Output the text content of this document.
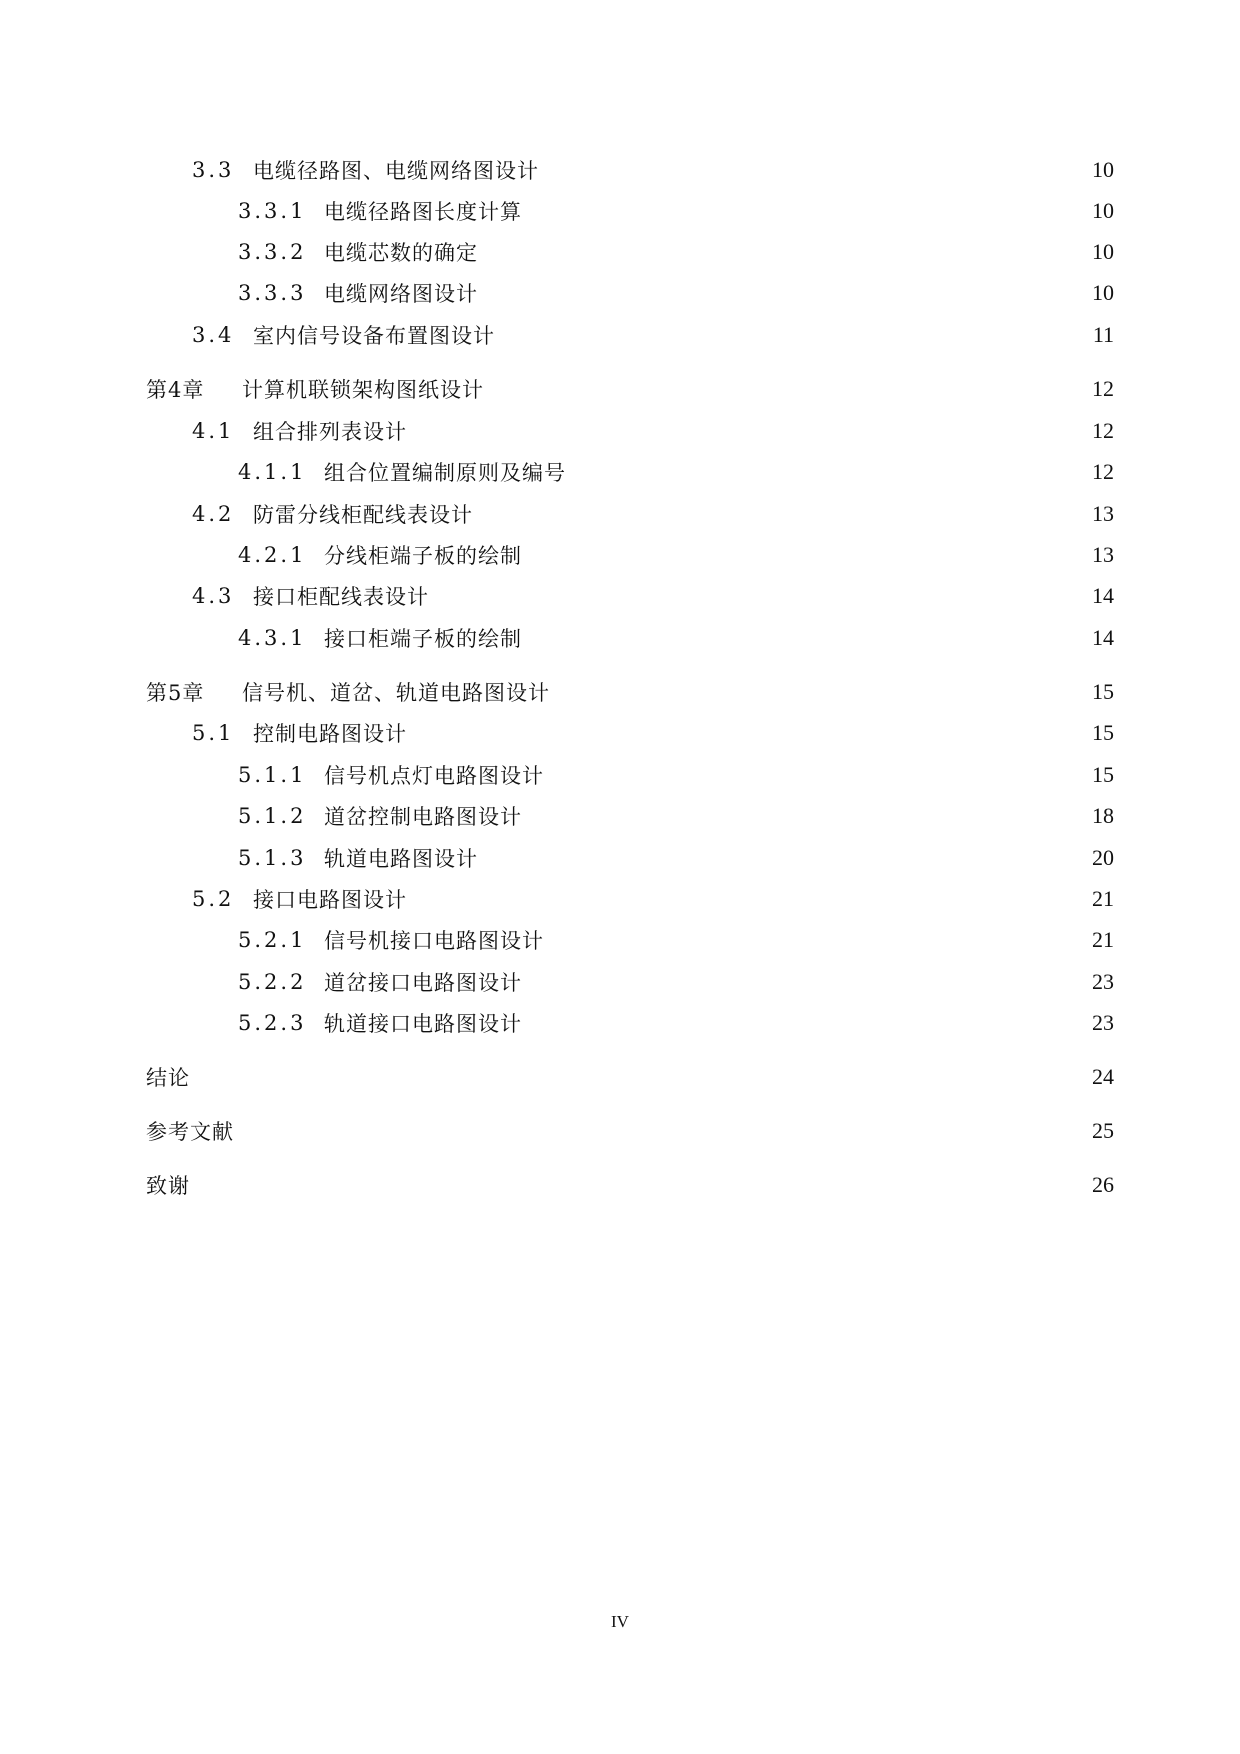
3.3 电缆径路图、电缆网络图设计	10
3.3.1 电缆径路图长度计算	10
3.3.2 电缆芯数的确定	10
3.3.3 电缆网络图设计	10
3.4 室内信号设备布置图设计	11
第4章	计算机联锁架构图纸设计	12
4.1 组合排列表设计	12
4.1.1 组合位置编制原则及编号	12
4.2 防雷分线柜配线表设计	13
4.2.1 分线柜端子板的绘制	13
4.3 接口柜配线表设计	14
4.3.1 接口柜端子板的绘制	14
第5章	信号机、道岔、轨道电路图设计	15
5.1 控制电路图设计	15
5.1.1 信号机点灯电路图设计	15
5.1.2 道岔控制电路图设计	18
5.1.3 轨道电路图设计	20
5.2 接口电路图设计	21
5.2.1 信号机接口电路图设计	21
5.2.2 道岔接口电路图设计	23
5.2.3 轨道接口电路图设计	23
结论	24
参考文献	25
致谢	26
IV
